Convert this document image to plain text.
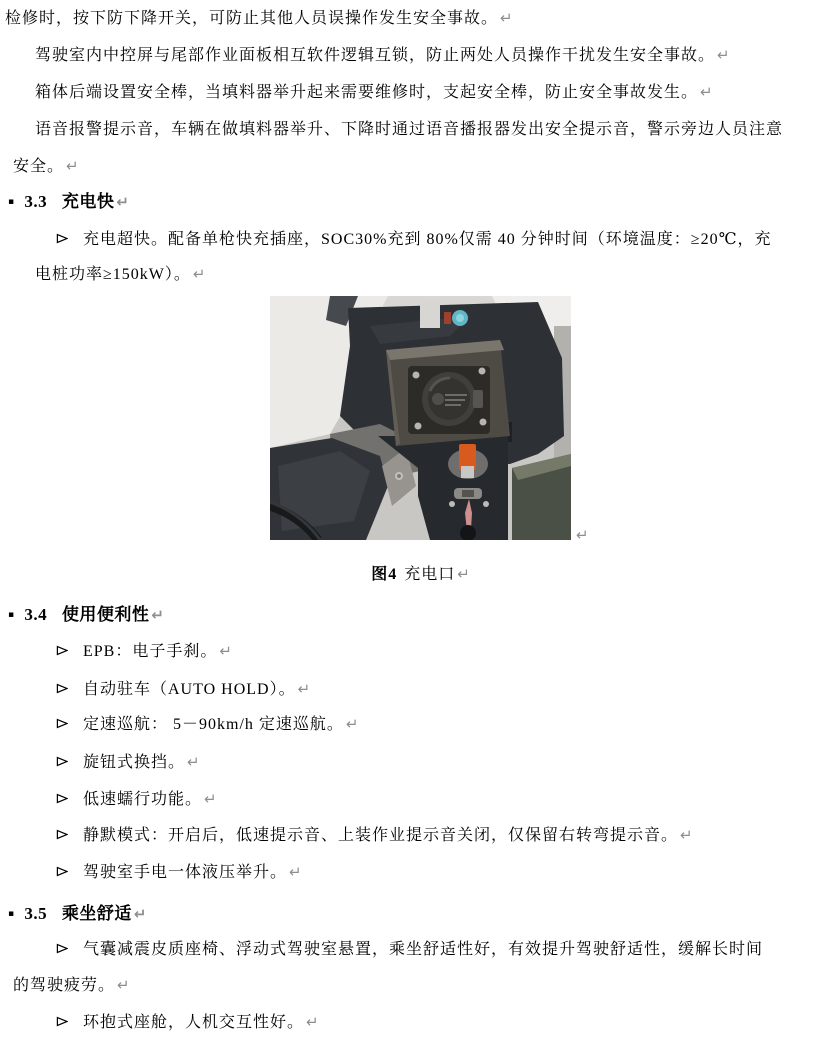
检修时，按下防下降开关，可防止其他人员误操作发生安全事故。 ↵
驾驶室内中控屏与尾部作业面板相互软件逻辑互锁，防止两处人员操作干扰发生安全事故。 ↵
箱体后端设置安全棒，当填料器举升起来需要维修时，支起安全棒，防止安全事故发生。 ↵
语音报警提示音，车辆在做填料器举升、下降时通过语音播报器发出安全提示音，警示旁边人员注意
安全。 ↵
▪ 3.3 充电快 ↵
充电超快。配备单枪快充插座，SOC30%充到 80%仅需 40 分钟时间（环境温度：≥20℃，充
电桩功率≥150kW）。 ↵
↵
图4 充电口 ↵
▪ 3.4 使用便利性 ↵
EPB：电子手刹。 ↵
自动驻车（AUTO HOLD）。 ↵
定速巡航： 5－90km/h 定速巡航。 ↵
旋钮式换挡。 ↵
低速蠕行功能。 ↵
静默模式：开启后，低速提示音、上装作业提示音关闭，仅保留右转弯提示音。 ↵
驾驶室手电一体液压举升。 ↵
▪ 3.5 乘坐舒适 ↵
气囊减震皮质座椅、浮动式驾驶室悬置，乘坐舒适性好，有效提升驾驶舒适性，缓解长时间
的驾驶疲劳。 ↵
环抱式座舱，人机交互性好。 ↵
